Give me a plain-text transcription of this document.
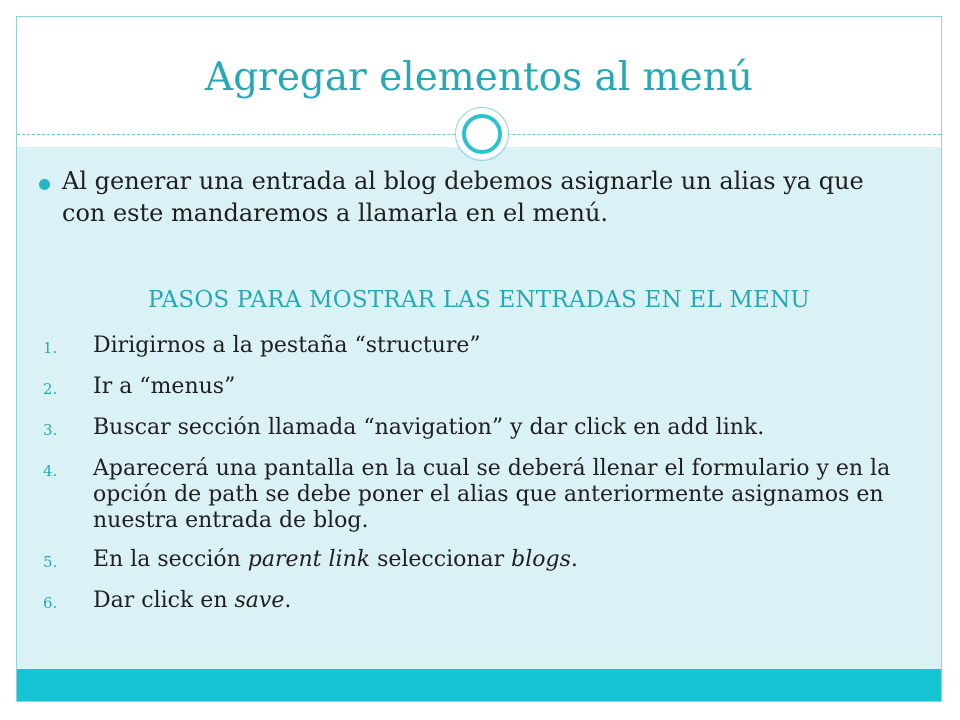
Agregar elementos al menú
Al generar una entrada al blog debemos asignarle un alias ya que con este mandaremos a llamarla en el menú.
PASOS PARA MOSTRAR LAS ENTRADAS EN EL MENU
1.	Dirigirnos a la pestaña “structure”
2.	Ir a “menus”
3.	Buscar sección llamada “navigation” y dar click en add link.
4.	Aparecerá una pantalla en la cual se deberá llenar el formulario y en la opción de path se debe poner el alias que anteriormente asignamos en nuestra entrada de blog.
5.	En la sección parent link seleccionar blogs.
6.	Dar click en save.
